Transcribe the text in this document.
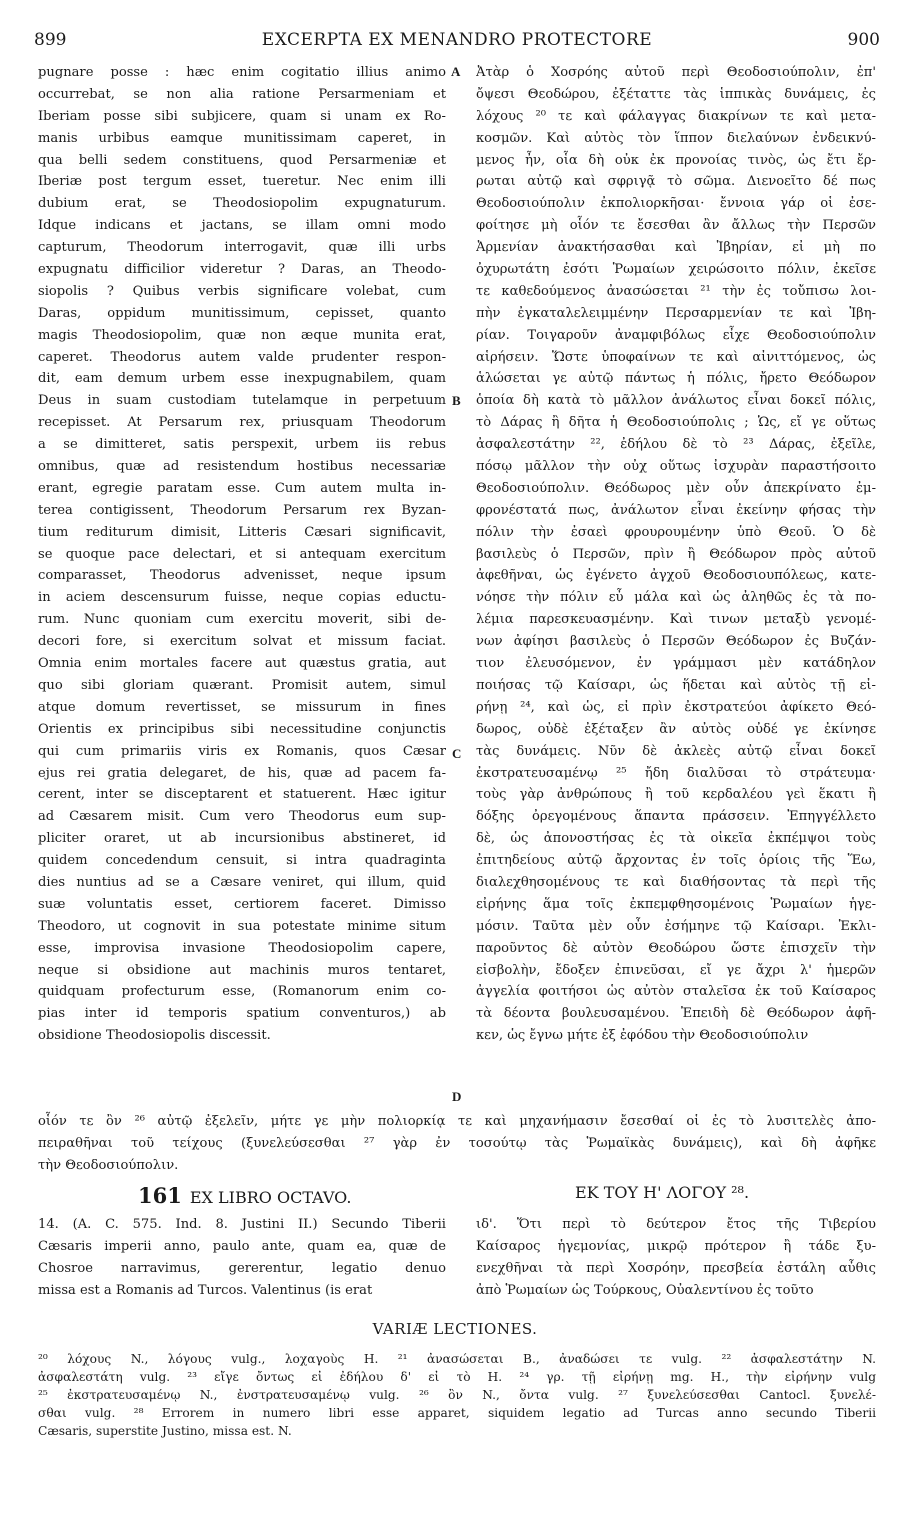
899	EXCERPTA EX MENANDRO PROTECTORE	900
pugnare posse : hæc enim cogitatio illius animo
occurrebat, se non alia ratione Persarmeniam et
Iberiam posse sibi subjicere, quam si unam ex Ro-
manis urbibus eamque munitissimam caperet, in
qua belli sedem constituens, quod Persarmeniæ et
Iberiæ post tergum esset, tueretur. Nec enim illi
dubium erat, se Theodosiopolim expugnaturum.
Idque indicans et jactans, se illam omni modo
capturum, Theodorum interrogavit, quæ illi urbs
expugnatu difficilior videretur ? Daras, an Theodo-
siopolis ? Quibus verbis significare volebat, cum
Daras, oppidum munitissimum, cepisset, quanto
magis Theodosiopolim, quæ non æque munita erat,
caperet. Theodorus autem valde prudenter respon-
dit, eam demum urbem esse inexpugnabilem, quam
Deus in suam custodiam tutelamque in perpetuum
recepisset. At Persarum rex, priusquam Theodorum
a se dimitteret, satis perspexit, urbem iis rebus
omnibus, quæ ad resistendum hostibus necessariæ
erant, egregie paratam esse. Cum autem multa in-
terea contigissent, Theodorum Persarum rex Byzan-
tium rediturum dimisit, Litteris Cæsari significavit,
se quoque pace delectari, et si antequam exercitum
comparasset, Theodorus advenisset, neque ipsum
in aciem descensurum fuisse, neque copias eductu-
rum. Nunc quoniam cum exercitu moverit, sibi de-
decori fore, si exercitum solvat et missum faciat.
Omnia enim mortales facere aut quæstus gratia, aut
quo sibi gloriam quærant. Promisit autem, simul
atque domum revertisset, se missurum in fines
Orientis ex principibus sibi necessitudine conjunctis
qui cum primariis viris ex Romanis, quos Cæsar
ejus rei gratia delegaret, de his, quæ ad pacem fa-
cerent, inter se disceptarent et statuerent. Hæc igitur
ad Cæsarem misit. Cum vero Theodorus eum sup-
pliciter oraret, ut ab incursionibus abstineret, id
quidem concedendum censuit, si intra quadraginta
dies nuntius ad se a Cæsare veniret, qui illum, quid
suæ voluntatis esset, certiorem faceret. Dimisso
Theodoro, ut cognovit in sua potestate minime situm
esse, improvisa invasione Theodosiopolim capere,
neque si obsidione aut machinis muros tentaret,
quidquam profecturum esse, (Romanorum enim co-
pias inter id temporis spatium conventuros,) ab
obsidione Theodosiopolis discessit.
Ἀτὰρ ὁ Χοσρόης αὐτοῦ περὶ Θεοδοσιούπολιν, ἐπ'
ὄψεσι Θεοδώρου, ἐξέταττε τὰς ἱππικὰς δυνάμεις, ἐς
λόχους ²⁰ τε καὶ φάλαγγας διακρίνων τε καὶ μετα-
κοσμῶν. Καὶ αὐτὸς τὸν ἵππον διελαύνων ἐνδεικνύ-
μενος ἦν, οἷα δὴ οὐκ ἐκ προνοίας τινὸς, ὡς ἔτι ἔρ-
ρωται αὐτῷ καὶ σφριγᾷ τὸ σῶμα. Διενοεῖτο δέ πως
Θεοδοσιούπολιν ἐκπολιορκῆσαι· ἔννοια γάρ οἱ ἐσε-
φοίτησε μὴ οἷόν τε ἔσεσθαι ἂν ἄλλως τὴν Περσῶν
Ἀρμενίαν ἀνακτήσασθαι καὶ Ἰβηρίαν, εἰ μὴ πο
ὀχυρωτάτη ἐσότι Ῥωμαίων χειρώσοιτο πόλιν, ἐκεῖσε
τε καθεδούμενος ἀνασώσεται ²¹ τὴν ἐς τοὔπισω λοι-
πὴν ἐγκαταλελειμμένην Περσαρμενίαν τε καὶ Ἰβη-
ρίαν. Τοιγαροῦν ἀναμφιβόλως εἶχε Θεοδοσιούπολιν
αἱρήσειν. Ὥστε ὑποφαίνων τε καὶ αἰνιττόμενος, ὡς
ἁλώσεται γε αὐτῷ πάντως ἡ πόλις, ἤρετο Θεόδωρον
ὁποία δὴ κατὰ τὸ μᾶλλον ἀνάλωτος εἶναι δοκεῖ πόλις,
τὸ Δάρας ἢ δῆτα ἡ Θεοδοσιούπολις ; Ὡς, εἴ γε οὕτως
ἀσφαλεστάτην ²², ἐδήλου δὲ τὸ ²³ Δάρας, ἐξεῖλε,
πόσῳ μᾶλλον τὴν οὐχ οὕτως ἰσχυρὰν παραστήσοιτο
Θεοδοσιούπολιν. Θεόδωρος μὲν οὖν ἀπεκρίνατο ἐμ-
φρονέστατά πως, ἀνάλωτον εἶναι ἐκείνην φήσας τὴν
πόλιν τὴν ἐσαεὶ φρουρουμένην ὑπὸ Θεοῦ. Ὁ δὲ
βασιλεὺς ὁ Περσῶν, πρὶν ἢ Θεόδωρον πρὸς αὐτοῦ
ἀφεθῆναι, ὡς ἐγένετο ἀγχοῦ Θεοδοσιουπόλεως, κατε-
νόησε τὴν πόλιν εὖ μάλα καὶ ὡς ἀληθῶς ἐς τὰ πο-
λέμια παρεσκευασμένην. Καὶ τινων μεταξὺ γενομέ-
νων ἀφίησι βασιλεὺς ὁ Περσῶν Θεόδωρον ἐς Βυζάν-
τιον ἐλευσόμενον, ἐν γράμμασι μὲν κατάδηλον
ποιήσας τῷ Καίσαρι, ὡς ἥδεται καὶ αὐτὸς τῇ εἰ-
ρήνῃ ²⁴, καὶ ὡς, εἰ πρὶν ἐκστρατεύοι ἀφίκετο Θεό-
δωρος, οὐδὲ ἐξέταξεν ἂν αὐτὸς οὐδέ γε ἐκίνησε
τὰς δυνάμεις. Νῦν δὲ ἀκλεὲς αὐτῷ εἶναι δοκεῖ
ἐκστρατευσαμένῳ ²⁵ ἤδη διαλῦσαι τὸ στράτευμα·
τοὺς γὰρ ἀνθρώπους ἢ τοῦ κερδαλέου γεὶ ἕκατι ἢ
δόξης ὀρεγομένους ἅπαντα πράσσειν. Ἐπηγγέλλετο
δὲ, ὡς ἀπονοστήσας ἐς τὰ οἰκεῖα ἐκπέμψοι τοὺς
ἐπιτηδείους αὐτῷ ἄρχοντας ἐν τοῖς ὁρίοις τῆς Ἕω,
διαλεχθησομένους τε καὶ διαθήσοντας τὰ περὶ τῆς
εἰρήνης ἅμα τοῖς ἐκπεμφθησομένοις Ῥωμαίων ἡγε-
μόσιν. Ταῦτα μὲν οὖν ἐσήμηνε τῷ Καίσαρι. Ἐκλι-
παροῦντος δὲ αὐτὸν Θεοδώρου ὥστε ἐπισχεῖν τὴν
εἰσβολὴν, ἔδοξεν ἐπινεῦσαι, εἴ γε ἄχρι λ' ἡμερῶν
ἀγγελία φοιτήσοι ὡς αὐτὸν σταλεῖσα ἐκ τοῦ Καίσαρος
τὰ δέοντα βουλευσαμένου. Ἐπειδὴ δὲ Θεόδωρον ἀφῆ-
κεν, ὡς ἔγνω μήτε ἐξ ἐφόδου τὴν Θεοδοσιούπολιν
A
B
C
D
οἷόν τε ὂν ²⁶ αὐτῷ ἐξελεῖν, μήτε γε μὴν πολιορκίᾳ τε καὶ μηχανήμασιν ἔσεσθαί οἱ ἐς τὸ λυσιτελὲς ἀπο-
πειραθῆναι τοῦ τείχους (ξυνελεύσεσθαι ²⁷ γὰρ ἐν τοσούτῳ τὰς Ῥωμαϊκὰς δυνάμεις), καὶ δὴ ἀφῆκε
τὴν Θεοδοσιούπολιν.
161 EX LIBRO OCTAVO.	ΕΚ ΤΟΥ Η' ΛΟΓΟΥ ²⁸.
14. (A. C. 575. Ind. 8. Justini II.) Secundo Tiberii
Cæsaris imperii anno, paulo ante, quam ea, quæ de
Chosroe narravimus, gererentur, legatio denuo
missa est a Romanis ad Turcos. Valentinus (is erat
ιδ'. Ὅτι περὶ τὸ δεύτερον ἔτος τῆς Τιβερίου
Καίσαρος ἡγεμονίας, μικρῷ πρότερον ἢ τάδε ξυ-
ενεχθῆναι τὰ περὶ Χοσρόην, πρεσβεία ἐστάλη αὖθις
ἀπὸ Ῥωμαίων ὡς Τούρκους, Οὐαλεντίνου ἐς τοῦτο
VARIÆ LECTIONES.
²⁰ λόχους N., λόγους vulg., λοχαγοὺς H. ²¹ ἀνασώσεται B., ἀναδώσει τε vulg. ²² ἀσφαλεστάτην N.
ἀσφαλεστάτη vulg. ²³ εἴγε ὄντως εἰ ἐδήλου δ' εἰ τὸ H. ²⁴ γρ. τῇ εἰρήνῃ mg. H., τὴν εἰρήνην vulg
²⁵ ἐκστρατευσαμένῳ N., ἐνστρατευσαμένῳ vulg. ²⁶ ὂν N., ὄντα vulg. ²⁷ ξυνελεύσεσθαι Cantocl. ξυνελέ-
σθαι vulg. ²⁸ Errorem in numero libri esse apparet, siquidem legatio ad Turcas anno secundo Tiberii
Cæsaris, superstite Justino, missa est. N.
